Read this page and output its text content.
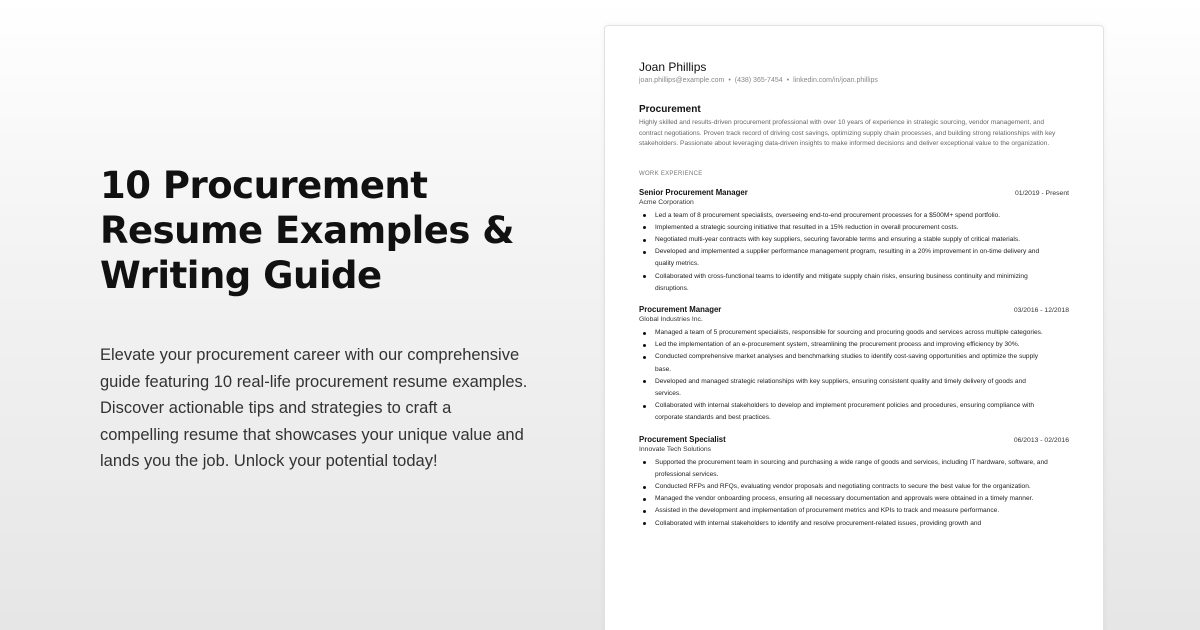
10 Procurement
Resume Examples &
Writing Guide

Elevate your procurement career with our comprehensive
guide featuring 10 real-life procurement resume examples.
Discover actionable tips and strategies to craft a
compelling resume that showcases your unique value and
lands you the job. Unlock your potential today!

Joan Phillips
joan.phillips@example.com • (438) 365-7454 • linkedin.com/in/joan.phillips
Procurement

Highly skilled and results-driven procurement professional with over 10 years of experience in strategic sourcing, vendor management, and contract negotiations. Proven track record of driving cost savings, optimizing supply chain processes, and building strong relationships with key stakeholders. Passionate about leveraging data-driven insights to make informed decisions and deliver exceptional value to the organization.

WORK EXPERIENCE
Senior Procurement Manager	01/2019 - Present
Acme Corporation
Led a team of 8 procurement specialists, overseeing end-to-end procurement processes for a $500M+ spend portfolio.
Implemented a strategic sourcing initiative that resulted in a 15% reduction in overall procurement costs.
Negotiated multi-year contracts with key suppliers, securing favorable terms and ensuring a stable supply of critical materials.
Developed and implemented a supplier performance management program, resulting in a 20% improvement in on-time delivery and quality metrics.
Collaborated with cross-functional teams to identify and mitigate supply chain risks, ensuring business continuity and minimizing disruptions.
Procurement Manager	03/2016 - 12/2018
Global Industries Inc.
Managed a team of 5 procurement specialists, responsible for sourcing and procuring goods and services across multiple categories.
Led the implementation of an e-procurement system, streamlining the procurement process and improving efficiency by 30%.
Conducted comprehensive market analyses and benchmarking studies to identify cost-saving opportunities and optimize the supply base.
Developed and managed strategic relationships with key suppliers, ensuring consistent quality and timely delivery of goods and services.
Collaborated with internal stakeholders to develop and implement procurement policies and procedures, ensuring compliance with corporate standards and best practices.
Procurement Specialist	06/2013 - 02/2016
Innovate Tech Solutions
Supported the procurement team in sourcing and purchasing a wide range of goods and services, including IT hardware, software, and professional services.
Conducted RFPs and RFQs, evaluating vendor proposals and negotiating contracts to secure the best value for the organization.
Managed the vendor onboarding process, ensuring all necessary documentation and approvals were obtained in a timely manner.
Assisted in the development and implementation of procurement metrics and KPIs to track and measure performance.
Collaborated with internal stakeholders to identify and resolve procurement-related issues, providing growth and
